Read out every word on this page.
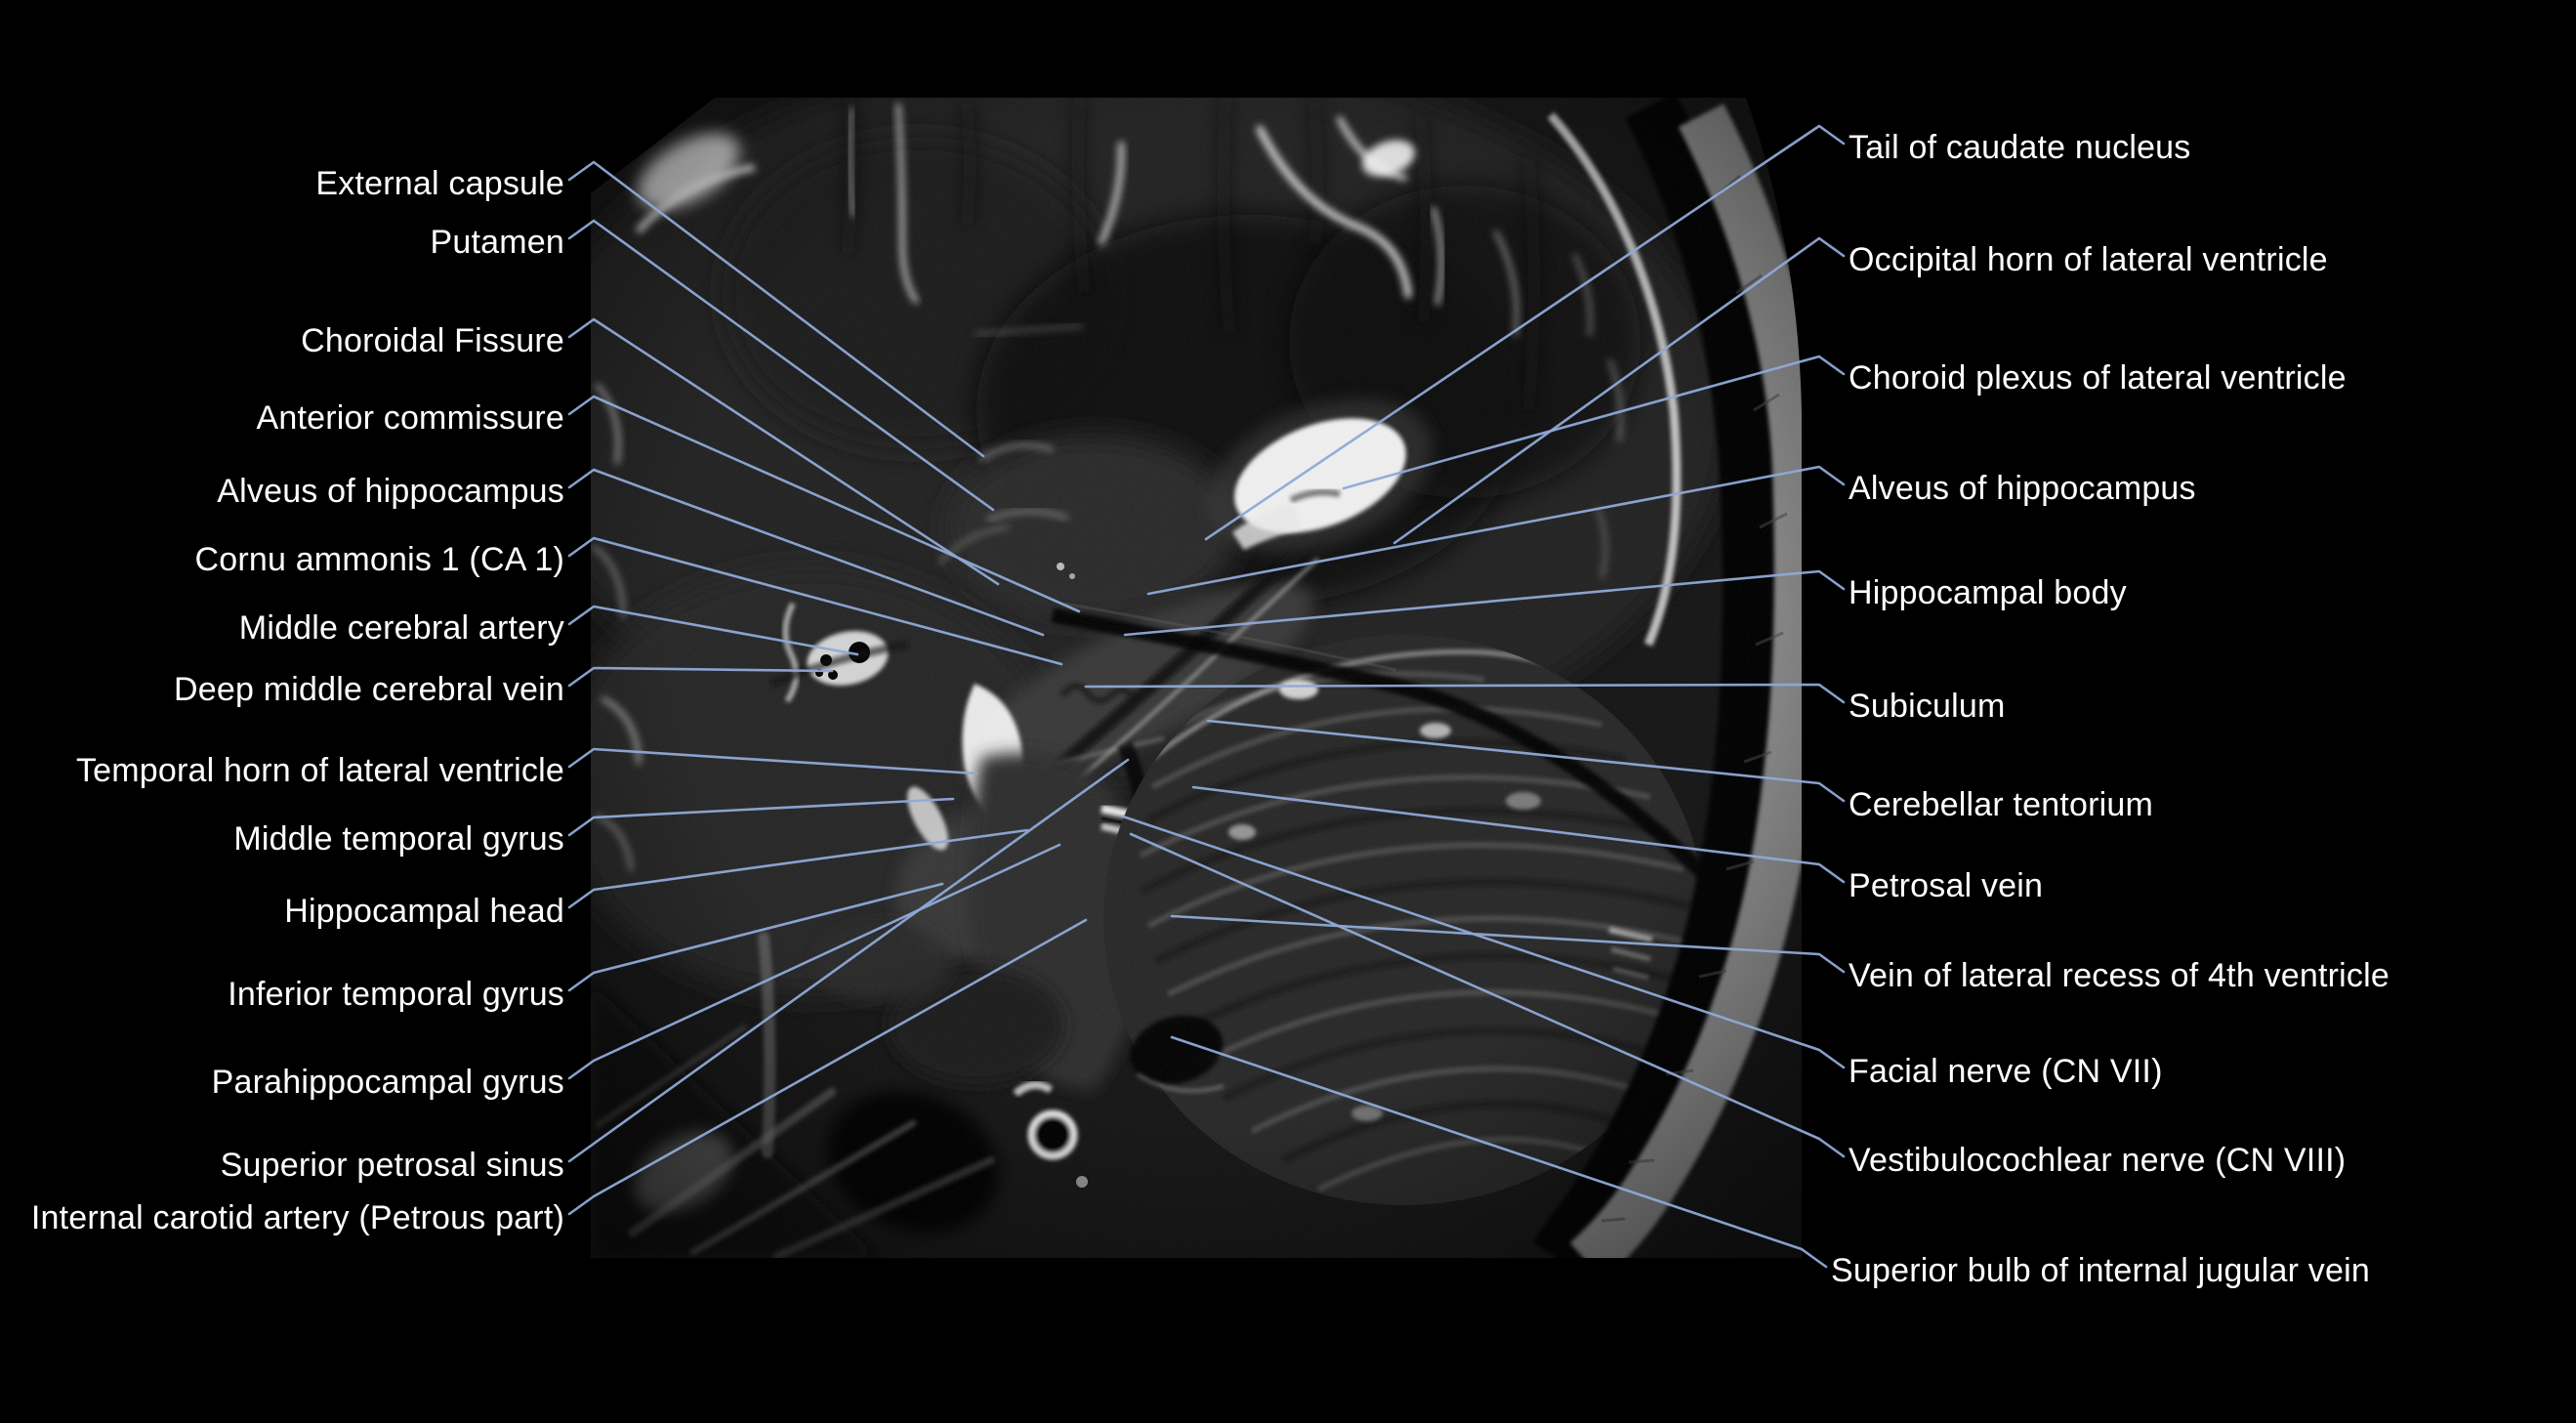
External capsule
Putamen
Choroidal Fissure
Anterior commissure
Alveus of hippocampus
Cornu ammonis 1 (CA 1)
Middle cerebral artery
Deep middle cerebral vein
Temporal horn of lateral ventricle
Middle temporal gyrus
Hippocampal head
Inferior temporal gyrus
Parahippocampal gyrus
Superior petrosal sinus
Internal carotid artery (Petrous part)
Tail of caudate nucleus
Occipital horn of lateral ventricle
Choroid plexus of lateral ventricle
Alveus of hippocampus
Hippocampal body
Subiculum
Cerebellar tentorium
Petrosal vein
Vein of lateral recess of 4th ventricle
Facial nerve (CN VII)
Vestibulocochlear nerve (CN VIII)
Superior bulb of internal jugular vein
